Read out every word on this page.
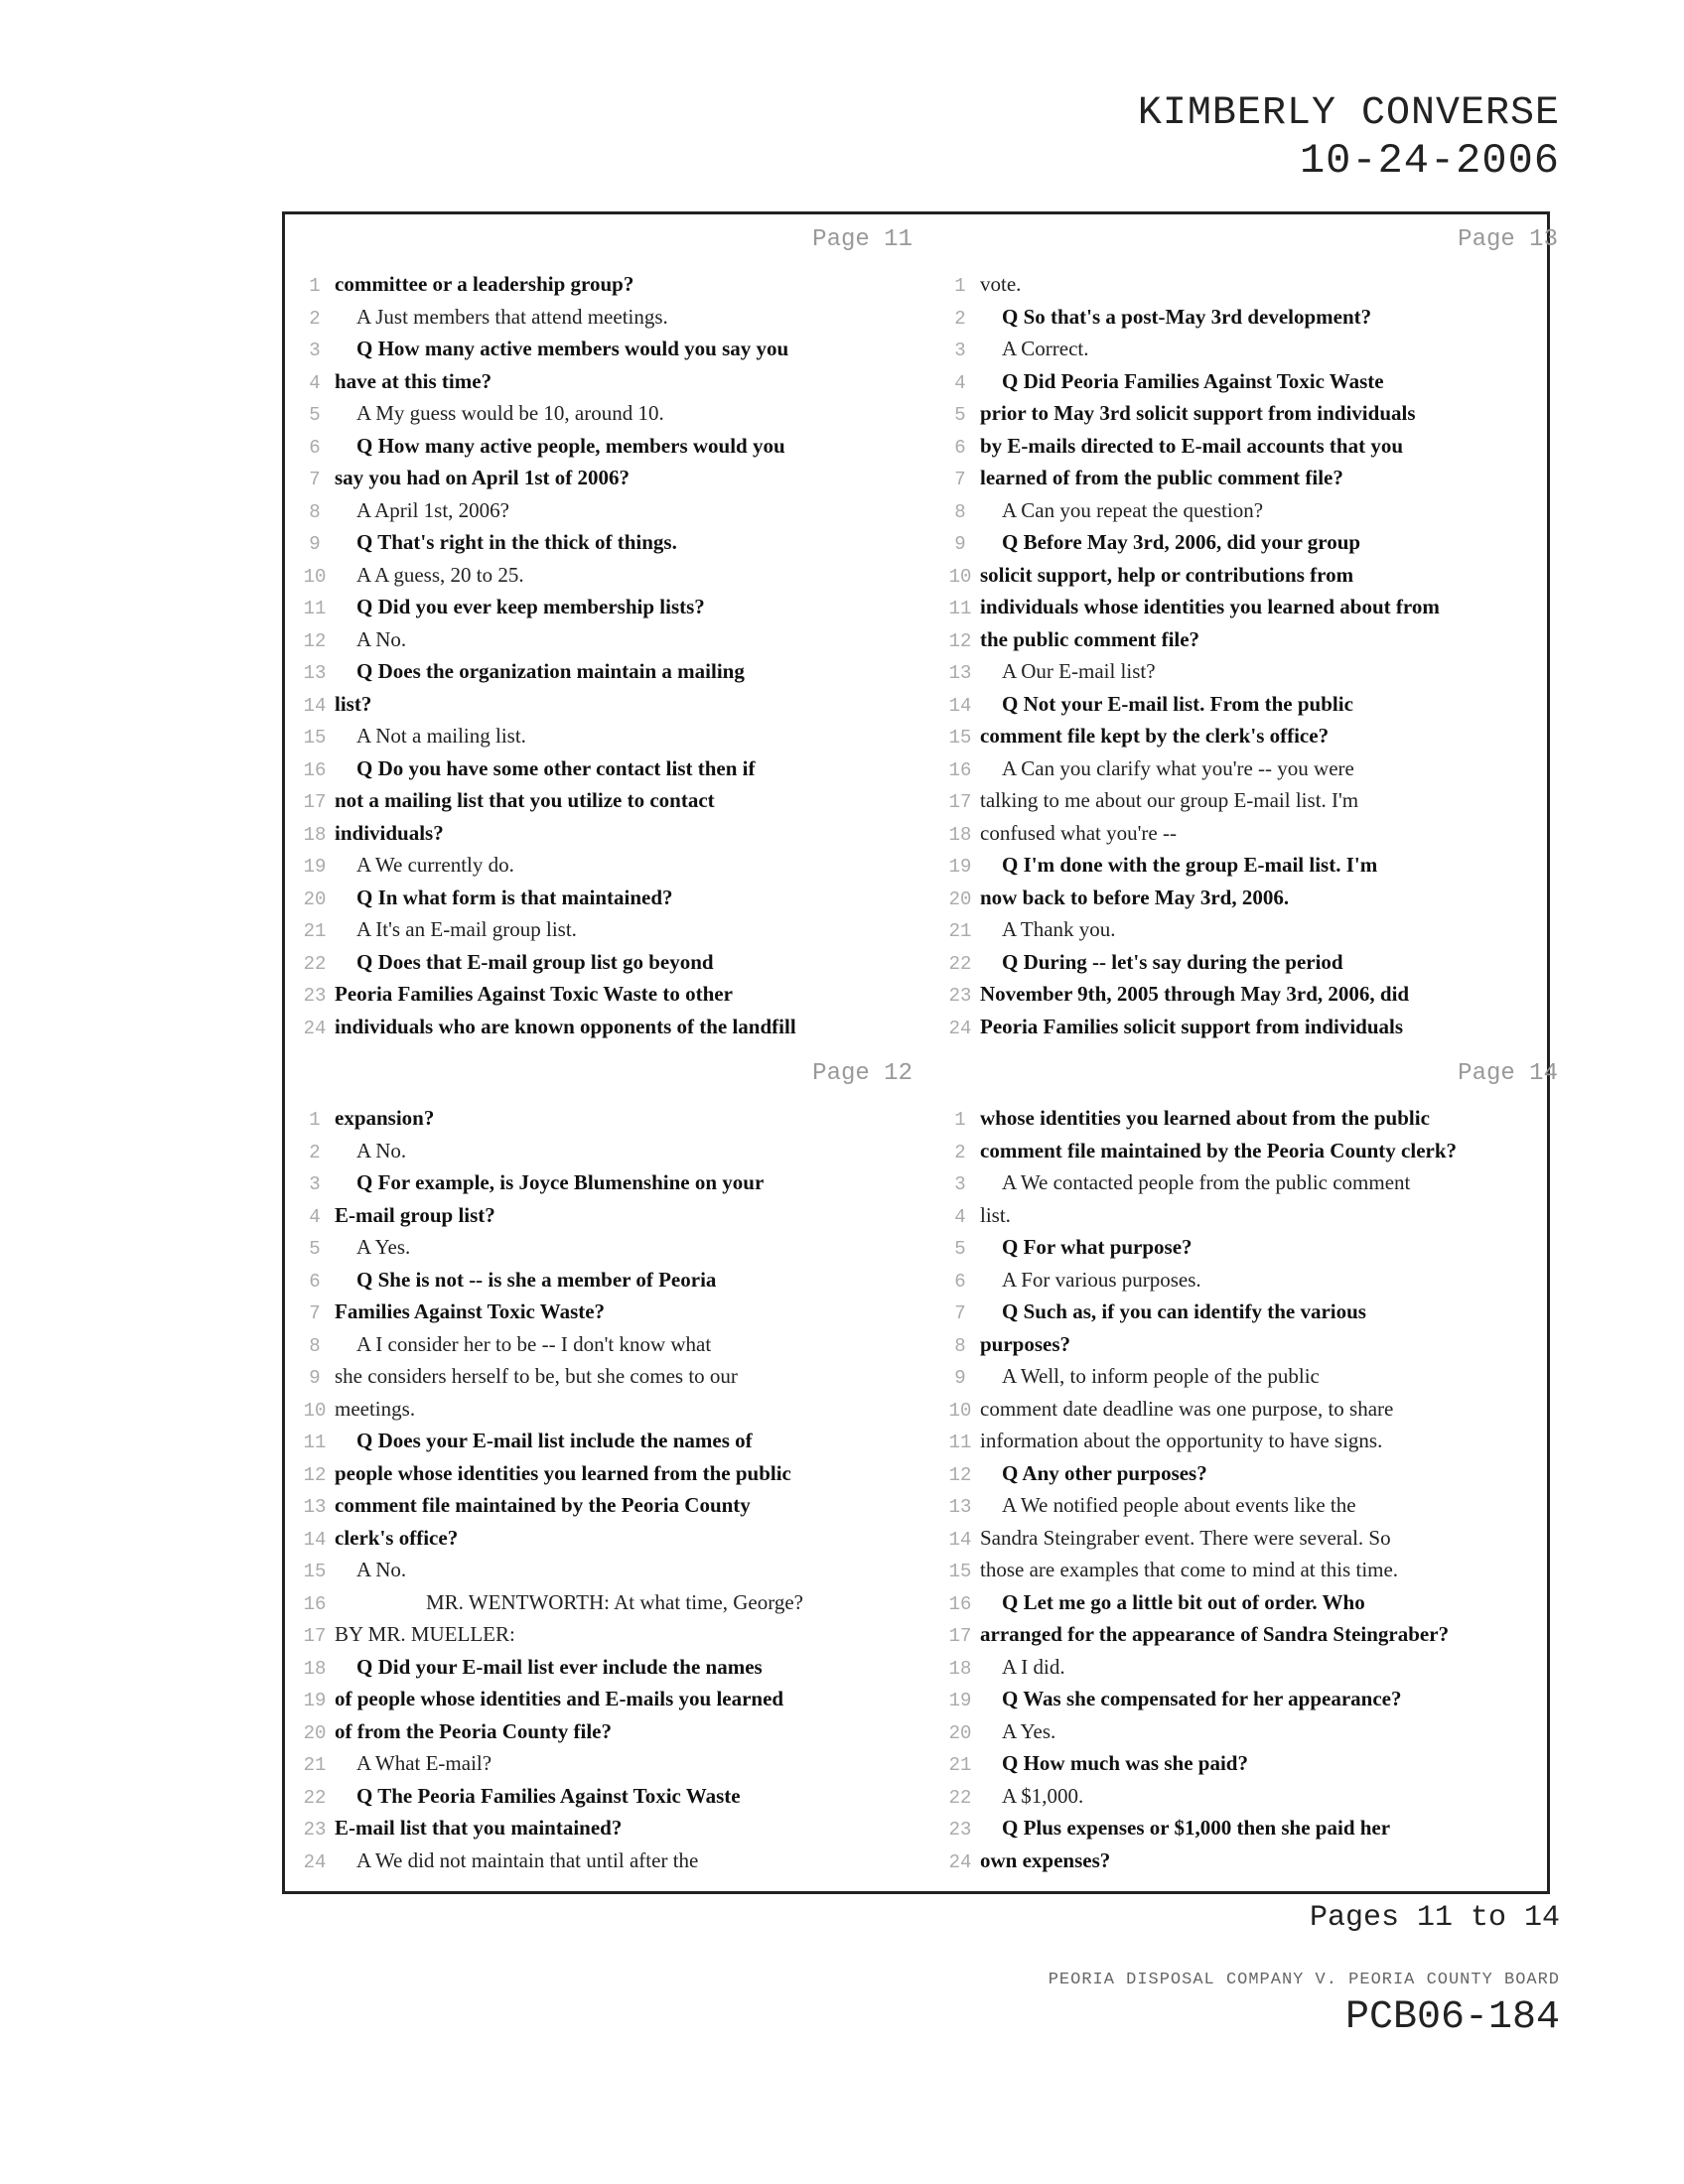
KIMBERLY CONVERSE
10-24-2006
Page 11
1 committee or a leadership group?
2 A Just members that attend meetings.
3 Q How many active members would you say you
4 have at this time?
5 A My guess would be 10, around 10.
6 Q How many active people, members would you
7 say you had on April 1st of 2006?
8 A April 1st, 2006?
9 Q That's right in the thick of things.
10 A A guess, 20 to 25.
11 Q Did you ever keep membership lists?
12 A No.
13 Q Does the organization maintain a mailing
14 list?
15 A Not a mailing list.
16 Q Do you have some other contact list then if
17 not a mailing list that you utilize to contact
18 individuals?
19 A We currently do.
20 Q In what form is that maintained?
21 A It's an E-mail group list.
22 Q Does that E-mail group list go beyond
23 Peoria Families Against Toxic Waste to other
24 individuals who are known opponents of the landfill
Page 13
1 vote.
2 Q So that's a post-May 3rd development?
3 A Correct.
4 Q Did Peoria Families Against Toxic Waste
5 prior to May 3rd solicit support from individuals
6 by E-mails directed to E-mail accounts that you
7 learned of from the public comment file?
8 A Can you repeat the question?
9 Q Before May 3rd, 2006, did your group
10 solicit support, help or contributions from
11 individuals whose identities you learned about from
12 the public comment file?
13 A Our E-mail list?
14 Q Not your E-mail list. From the public
15 comment file kept by the clerk's office?
16 A Can you clarify what you're -- you were
17 talking to me about our group E-mail list. I'm
18 confused what you're --
19 Q I'm done with the group E-mail list. I'm
20 now back to before May 3rd, 2006.
21 A Thank you.
22 Q During -- let's say during the period
23 November 9th, 2005 through May 3rd, 2006, did
24 Peoria Families solicit support from individuals
Page 12
1 expansion?
2 A No.
3 Q For example, is Joyce Blumenshine on your
4 E-mail group list?
5 A Yes.
6 Q She is not -- is she a member of Peoria
7 Families Against Toxic Waste?
8 A I consider her to be -- I don't know what
9 she considers herself to be, but she comes to our
10 meetings.
11 Q Does your E-mail list include the names of
12 people whose identities you learned from the public
13 comment file maintained by the Peoria County
14 clerk's office?
15 A No.
16	MR. WENTWORTH: At what time, George?
17 BY MR. MUELLER:
18 Q Did your E-mail list ever include the names
19 of people whose identities and E-mails you learned
20 of from the Peoria County file?
21 A What E-mail?
22 Q The Peoria Families Against Toxic Waste
23 E-mail list that you maintained?
24 A We did not maintain that until after the
Page 14
1 whose identities you learned about from the public
2 comment file maintained by the Peoria County clerk?
3 A We contacted people from the public comment
4 list.
5 Q For what purpose?
6 A For various purposes.
7 Q Such as, if you can identify the various
8 purposes?
9 A Well, to inform people of the public
10 comment date deadline was one purpose, to share
11 information about the opportunity to have signs.
12 Q Any other purposes?
13 A We notified people about events like the
14 Sandra Steingraber event. There were several. So
15 those are examples that come to mind at this time.
16 Q Let me go a little bit out of order. Who
17 arranged for the appearance of Sandra Steingraber?
18 A I did.
19 Q Was she compensated for her appearance?
20 A Yes.
21 Q How much was she paid?
22 A $1,000.
23 Q Plus expenses or $1,000 then she paid her
24 own expenses?
Pages 11 to 14
PEORIA DISPOSAL COMPANY V. PEORIA COUNTY BOARD
PCB06-184
